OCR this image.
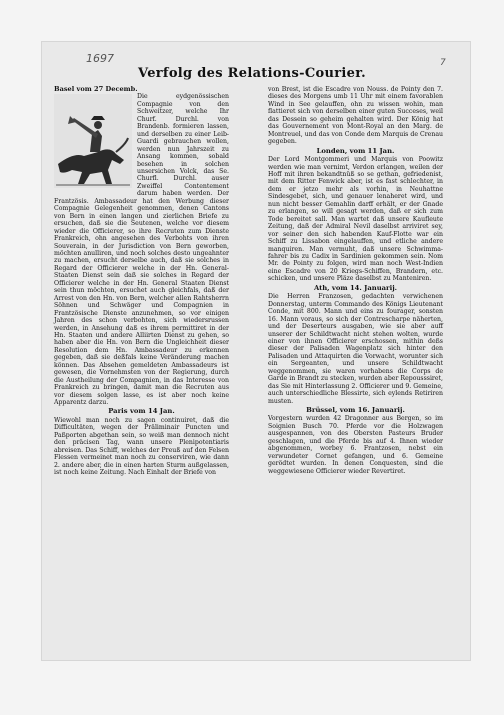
1697	7
Verfolg des Relations-Courier.
Basel vom 27 Decemb.

Die eydgenössischen Compagnie von den Schweitzer, welche Ihr Churf. Durchl. von Brandenb. formieren lassen, und derselben zu einer Leib-Guardi gebrauchen wollen, werden nun Jahrszeit zu Ansang kommen, sobald besehen in solchen unsersichen Volck, das Se. Churfl. Durchl. auser Zweiffel Contentement darum haben werden. Der Frantzösis. Ambassadeur hat den Werbung dieser Compagnie Gelegenheit genommen, denen Cantons von Bern in einen langen und zierlichen Briefe zu ersuchen, daß sie die Seutenen, welche vor diesem wieder die Officierer, so ihre Recruten zum Dienste Frankreich, ohn angesehen des Verbohts von ihren Souverain, in der Jurisdiction von Bern geworben, möchten anulliren, und noch solches desto ungeahnter zu machen, ersucht derselbe auch, daß sie solches in Regard der Officierer welche in der Hn. General-Staaten Dienst sein daß sie solches in Regard der Officierer welche in der Hn. General Staaten Dienst sein thun möchten, ersuchet auch gleichfals, daß der Arrest von den Hn. von Bern, welcher allen Rahtsherrn Söhnen und Schwäger und Compagnien in Frantzösische Dienste anzunehmen, so vor einigen Jahren des schon verbohten, sich wiedersrussen werden, in Ansehung daß es ihrem permittiret in der Hn. Staaten und andere Alliirten Dienst zu gehen, so haben aber die Hn. von Bern die Ungleichheit dieser Resolution dem Hn. Ambassadeur zu erkennen gegeben, daß sie deßfals keine Veränderung machen können. Das Absehen gemeldeten Ambassadeurs ist gewesen, die Vornehmsten von der Regierung, durch die Austheilung der Compagnien, in das Interesse von Frankreich zu bringen, damit man die Recruten aus vor diesem solgen lasse, es ist aber noch keine Apparentz darzu.

Paris vom 14 Jan.

Wiewohl man noch zu sagen continuiret, daß die Difficultäten, wegen der Präliminair Puncten und Paßporten abgethan sein, so weiß man dennoch nicht den präcisen Tag, wann unsere Plenipotentiaris abreisen. Das Schiff, welches der Preuß auf den Felsen Flessen vermeinet man noch zu conserviren, wie dann 2. andere aber, die in einen harten Sturm außgelassen, ist noch keine Zeitung. Nach Einhalt der Briefe von

von Brest, ist die Escadre von Nouss. de Pointy den 7. dieses des Morgens umb 11 Uhr mit einem favorablen Wind in See gelauffen, ohn zu wissen wohin, man flattieret sich von derselben einer guten Succeses, weil das Dessein so geheim gehalten wird. Der König hat das Gouvernement von Mont-Royal an den Marg. de Montreuel, und das von Conde dem Marquis de Crenau gegeben.

Londen, vom 11 Jan.

Der Lord Montgommeri und Marquis von Poowitz werden wie man vernimt, Verdon erlangen, weilen der Hoff mit ihren bekandtnüß so se gethan, gefriedenist, mit dem Ritter Fenwick aber, ist es fast schlechter, in dem er jetzo mehr als vorhin, in Neuhattne Sindesgebet, sich, und genauer lenaheret wird, und nun nicht besser Gemahlin darff erhält, er der Gnade zu erlangen, so will gesagt werden, daß er sich zum Tode bereitet sall. Man wartet daß unsere Kaufleute Zeitung, daß der Admiral Nevil daselbst arriviret sey, vor seiner den sich habenden Kauf-Flotte war ein Schiff zu Lissabon eingelauffen, und etliche andere manquiren. Man vermuht, daß unsere Schwimma-fahrer bis zu Cadix in Sardinien gekommen sein. Nom Mr. de Pointy zu folgen, wird man noch West-Indien eine Escadre von 20 Kriegs-Schiffen, Brandern, etc. schicken, und unsere Pläze daselbst zu Manteniren.

Ath, vom 14. Januarij.

Die Herren Franzosen, gedachten verwichenen Donnerstag, unterm Commando des Königs Lieutenant Conde, mit 800. Mann und eins zu fourager, sonsten 16. Mann voraus, so sich der Contrescharpe näherten, und der Deserteurs ausgaben, wie sie aber auff unserer der Schildtwacht nicht stehen wolten, wurde einer von ihnen Officierer erschossen, mithin deßs dieser der Palisaden Wagenplatz sich hinter den Palisaden und Attaquirten die Vorwacht, worunter sich ein Sergeanten, und unsere Schildtwacht weggenommen, sie waren vorhabens die Corps de Garde in Brandt zu stecken, wurden aber Repousssiret, das Sie mit Hinterlassung 2. Officierer und 9. Gemeine, auch unterschiedliche Blessirte, sich eylends Retiriren musten.

Brüssel, vom 16. Januarij.

Vorgestern wurden 42 Dragonner aus Bergen, so im Soignien Busch 70. Pferde vor die Holzwagen ausgespannen, von des Obersten Pasteurs Bruder geschlagen, und die Pferde bis auf 4. Ihnen wieder abgenommen, worbey 6. Frantzosen, nebst ein verwundeter Cornet gefangen, und 6. Gemeine gerödtet wurden. In denen Conquesten, sind die weggewiesene Officierer wieder Revertiret.
